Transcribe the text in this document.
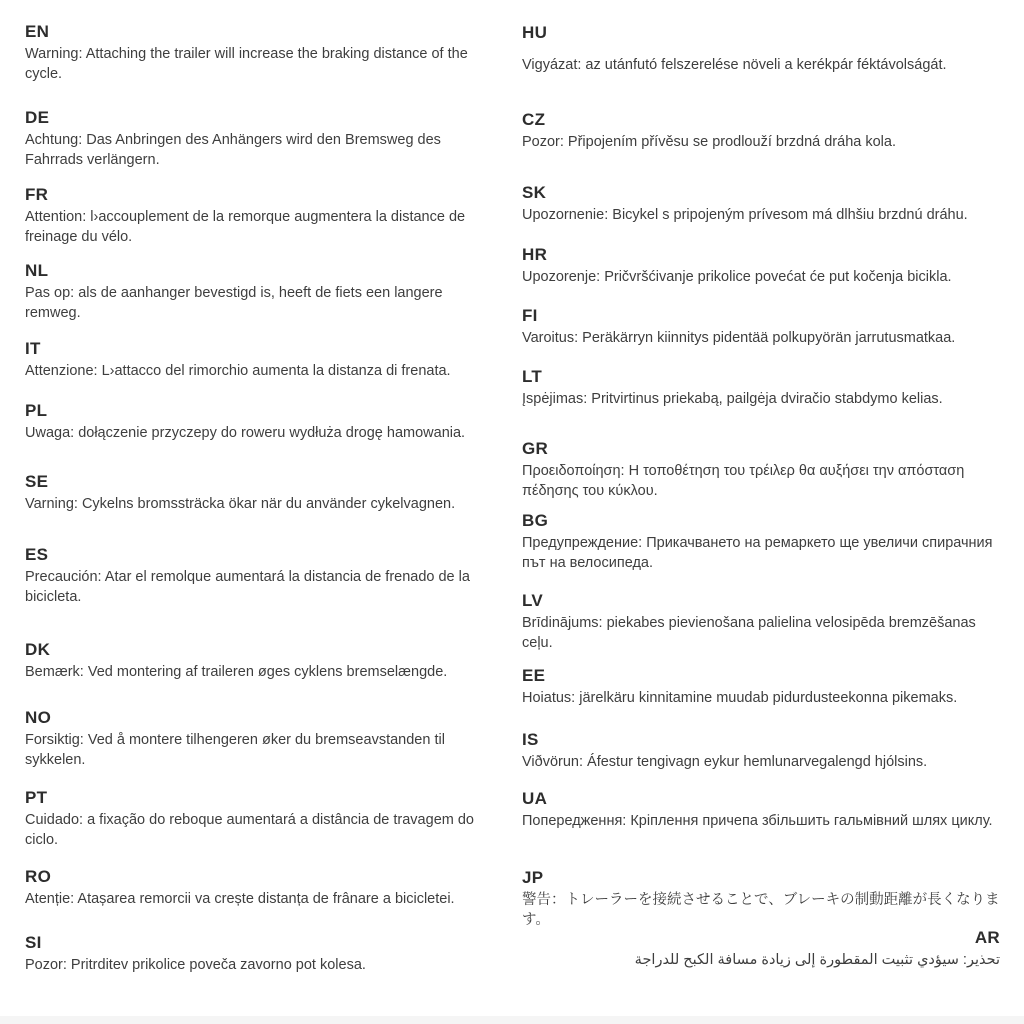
EN

Warning: Attaching the trailer will increase the braking distance of the cycle.

DE

Achtung: Das Anbringen des Anhängers wird den Bremsweg des Fahrrads verlängern.

FR

Attention: l›accouplement de la remorque augmentera la distance de freinage du vélo.

NL

Pas op: als de aanhanger bevestigd is, heeft de fiets een langere remweg.

IT

Attenzione: L›attacco del rimorchio aumenta la distanza di frenata.

PL

Uwaga: dołączenie przyczepy do roweru wydłuża drogę hamowania.

SE

Varning: Cykelns bromssträcka ökar när du använder cykelvagnen.

ES

Precaución: Atar el remolque aumentará la distancia de frenado de la bicicleta.

DK

Bemærk: Ved montering af traileren øges cyklens bremselængde.

NO

Forsiktig: Ved å montere tilhengeren øker du bremseavstanden til sykkelen.

PT

Cuidado: a fixação do reboque aumentará a distância de travagem do ciclo.

RO

Atenție: Atașarea remorcii va crește distanța de frânare a bicicletei.

SI

Pozor: Pritrditev prikolice poveča zavorno pot kolesa.

HU

Vigyázat: az utánfutó felszerelése növeli a kerékpár féktávolságát.

CZ

Pozor: Připojením přívěsu se prodlouží brzdná dráha kola.

SK

Upozornenie: Bicykel s pripojeným prívesom má dlhšiu brzdnú dráhu.

HR

Upozorenje: Pričvršćivanje prikolice povećat će put kočenja bicikla.

FI

Varoitus: Peräkärryn kiinnitys pidentää polkupyörän jarrutusmatkaa.

LT

Įspėjimas: Pritvirtinus priekabą, pailgėja dviračio stabdymo kelias.

GR

Προειδοποίηση: Η τοποθέτηση του τρέιλερ θα αυξήσει την απόσταση πέδησης του κύκλου.

BG

Предупреждение: Прикачването на ремаркето ще увеличи спирачния път на велосипеда.

LV

Brīdinājums: piekabes pievienošana palielina velosipēda bremzēšanas ceļu.

EE

Hoiatus: järelkäru kinnitamine muudab pidurdusteekonna pikemaks.

IS

Viðvörun: Áfestur tengivagn eykur hemlunarvegalengd hjólsins.

UA

Попередження: Кріплення причепа збільшить гальмівний шлях циклу.

JP

警告：トレーラーを接続させることで、ブレーキの制動距離が長くなります。

AR

تحذير: سيؤدي تثبيت المقطورة إلى زيادة مسافة الكبح للدراجة
